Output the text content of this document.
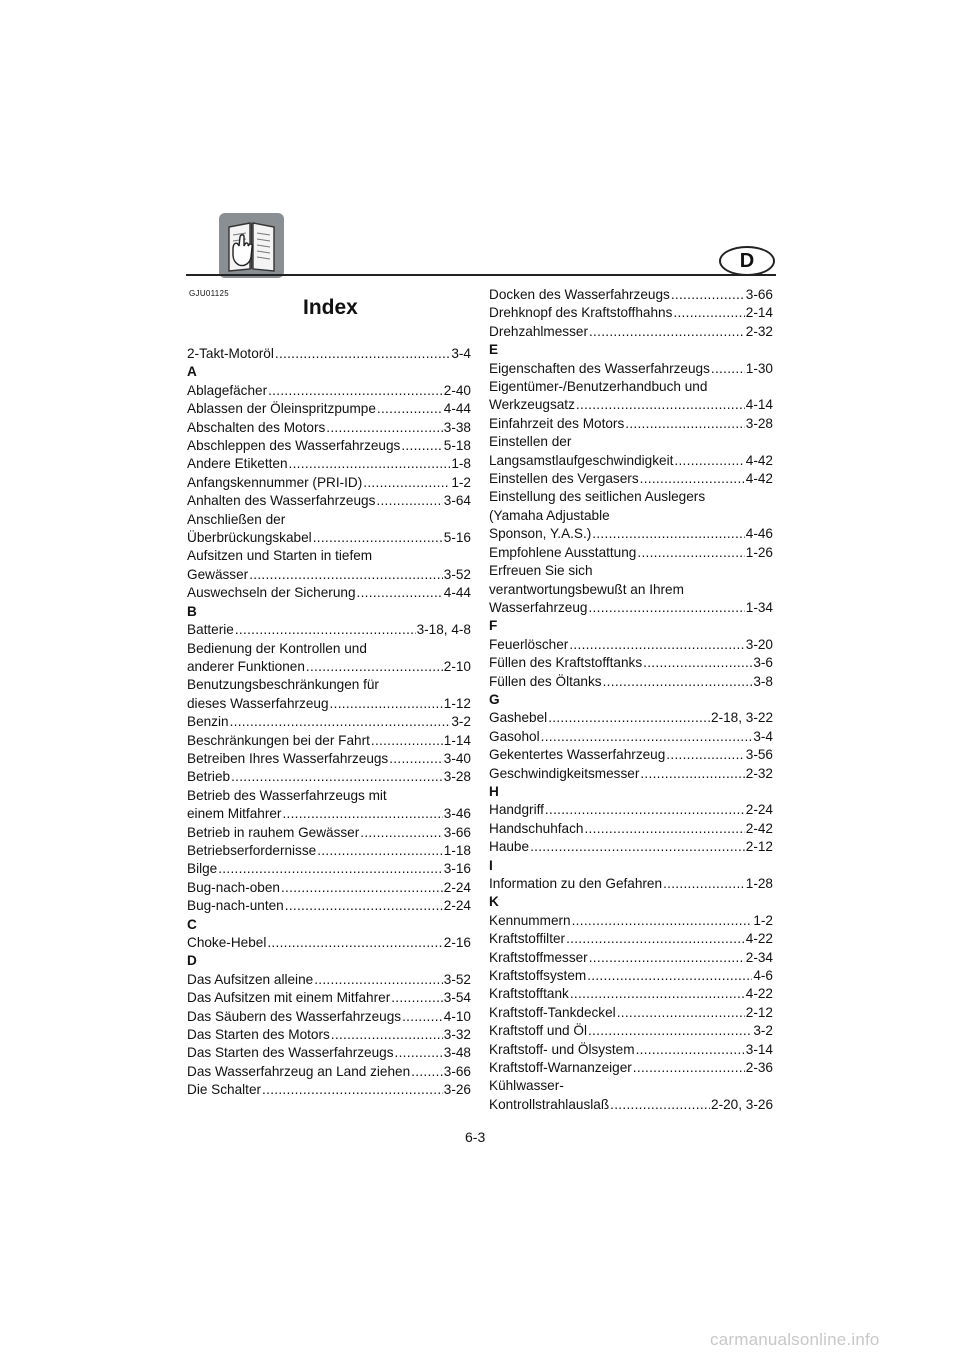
D
GJU01125
Index
2-Takt-Motoröl .....	3-4
A
Ablagefächer .....	2-40
Ablassen der Öleinspritzpumpe .....	4-44
Abschalten des Motors .....	3-38
Abschleppen des Wasserfahrzeugs .....	5-18
Andere Etiketten .....	1-8
Anfangskennummer (PRI-ID) .....	1-2
Anhalten des Wasserfahrzeugs .....	3-64
Anschließen der
Überbrückungskabel .....	5-16
Aufsitzen und Starten in tiefem
Gewässer .....	3-52
Auswechseln der Sicherung .....	4-44
B
Batterie .....	3-18, 4-8
Bedienung der Kontrollen und
anderer Funktionen .....	2-10
Benutzungsbeschränkungen für
dieses Wasserfahrzeug .....	1-12
Benzin .....	3-2
Beschränkungen bei der Fahrt .....	1-14
Betreiben Ihres Wasserfahrzeugs .....	3-40
Betrieb .....	3-28
Betrieb des Wasserfahrzeugs mit
einem Mitfahrer .....	3-46
Betrieb in rauhem Gewässer .....	3-66
Betriebserfordernisse .....	1-18
Bilge .....	3-16
Bug-nach-oben .....	2-24
Bug-nach-unten .....	2-24
C
Choke-Hebel .....	2-16
D
Das Aufsitzen alleine .....	3-52
Das Aufsitzen mit einem Mitfahrer .....	3-54
Das Säubern des Wasserfahrzeugs .....	4-10
Das Starten des Motors .....	3-32
Das Starten des Wasserfahrzeugs .....	3-48
Das Wasserfahrzeug an Land ziehen ..... 3-66
Die Schalter .....	3-26
Docken des Wasserfahrzeugs .....	3-66
Drehknopf des Kraftstoffhahns .....	2-14
Drehzahlmesser .....	2-32
E
Eigenschaften des Wasserfahrzeugs .....	1-30
Eigentümer-/Benutzerhandbuch und
Werkzeugsatz .....	4-14
Einfahrzeit des Motors .....	3-28
Einstellen der
Langsamstlaufgeschwindigkeit .....	4-42
Einstellen des Vergasers .....	4-42
Einstellung des seitlichen Auslegers
(Yamaha Adjustable
Sponson, Y.A.S.) .....	4-46
Empfohlene Ausstattung .....	1-26
Erfreuen Sie sich
verantwortungsbewußt an Ihrem
Wasserfahrzeug .....	1-34
F
Feuerlöscher .....	3-20
Füllen des Kraftstofftanks .....	3-6
Füllen des Öltanks .....	3-8
G
Gashebel .....	2-18, 3-22
Gasohol .....	3-4
Gekentertes Wasserfahrzeug .....	3-56
Geschwindigkeitsmesser .....	2-32
H
Handgriff .....	2-24
Handschuhfach .....	2-42
Haube .....	2-12
I
Information zu den Gefahren .....	1-28
K
Kennummern .....	1-2
Kraftstoffilter .....	4-22
Kraftstoffmesser .....	2-34
Kraftstoffsystem .....	4-6
Kraftstofftank .....	4-22
Kraftstoff-Tankdeckel .....	2-12
Kraftstoff und Öl .....	3-2
Kraftstoff- und Ölsystem .....	3-14
Kraftstoff-Warnanzeiger .....	2-36
Kühlwasser-
Kontrollstrahlauslaß .....	2-20, 3-26
6-3
carmanualsonline.info
